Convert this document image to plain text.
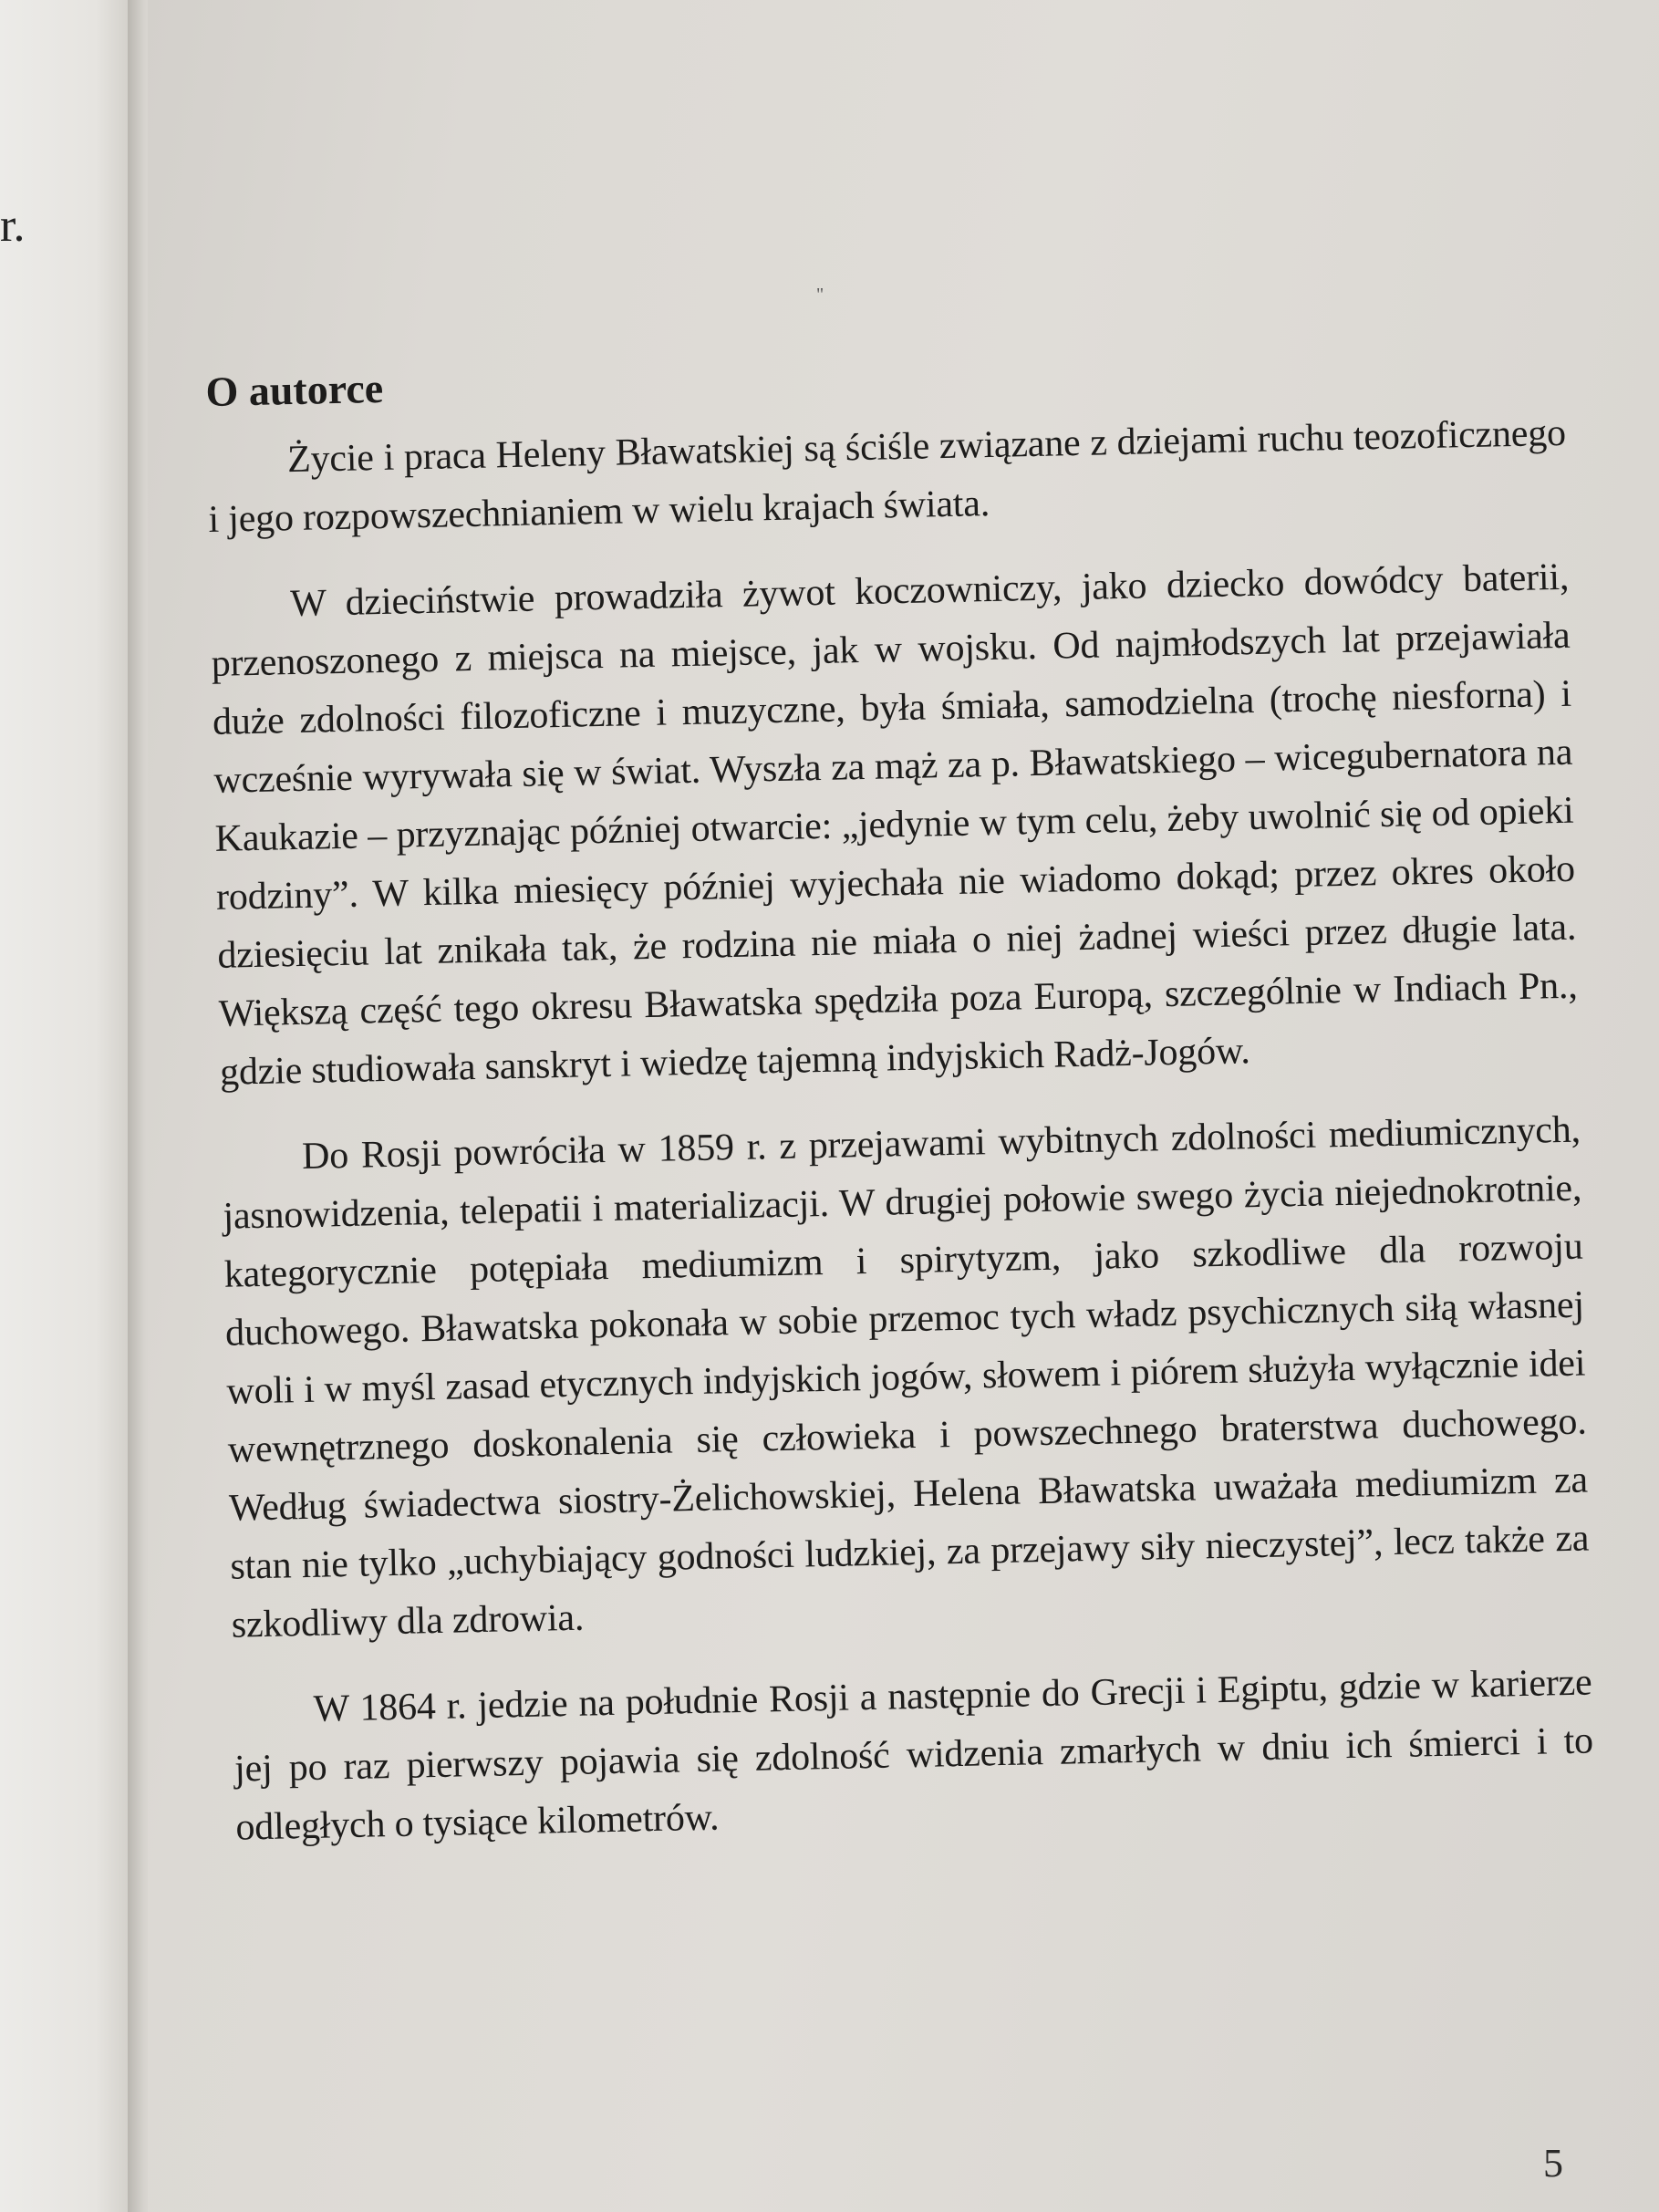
r.
"
O autorce

Życie i praca Heleny Bławatskiej są ściśle związane z dziejami ruchu teozoficznego i jego rozpowszechnianiem w wielu krajach świata.

W dzieciństwie prowadziła żywot koczowniczy, jako dziecko dowódcy baterii, przenoszonego z miejsca na miejsce, jak w wojsku. Od najmłodszych lat przejawiała duże zdolności filozoficzne i muzyczne, była śmiała, samodzielna (trochę niesforna) i wcześnie wyrywała się w świat. Wyszła za mąż za p. Bławatskiego – wicegubernatora na Kaukazie – przyznając później otwarcie: „jedynie w tym celu, żeby uwolnić się od opieki rodziny”. W kilka miesięcy później wyjechała nie wiadomo dokąd; przez okres około dziesięciu lat znikała tak, że rodzina nie miała o niej żadnej wieści przez długie lata. Większą część tego okresu Bławatska spędziła poza Europą, szczególnie w Indiach Pn., gdzie studiowała sanskryt i wiedzę tajemną indyjskich Radż-Jogów.

Do Rosji powróciła w 1859 r. z przejawami wybitnych zdolności mediumicznych, jasnowidzenia, telepatii i materializacji. W drugiej połowie swego życia niejednokrotnie, kategorycznie potępiała mediumizm i spirytyzm, jako szkodliwe dla rozwoju duchowego. Bławatska pokonała w sobie przemoc tych władz psychicznych siłą własnej woli i w myśl zasad etycznych indyjskich jogów, słowem i piórem służyła wyłącznie idei wewnętrznego doskonalenia się człowieka i powszechnego braterstwa duchowego. Według świadectwa siostry-Żelichowskiej, Helena Bławatska uważała mediumizm za stan nie tylko „uchybiający godności ludzkiej, za przejawy siły nieczystej”, lecz także za szkodliwy dla zdrowia.

W 1864 r. jedzie na południe Rosji a następnie do Grecji i Egiptu, gdzie w karierze jej po raz pierwszy pojawia się zdolność widzenia zmarłych w dniu ich śmierci i to odległych o tysiące kilometrów.

5
